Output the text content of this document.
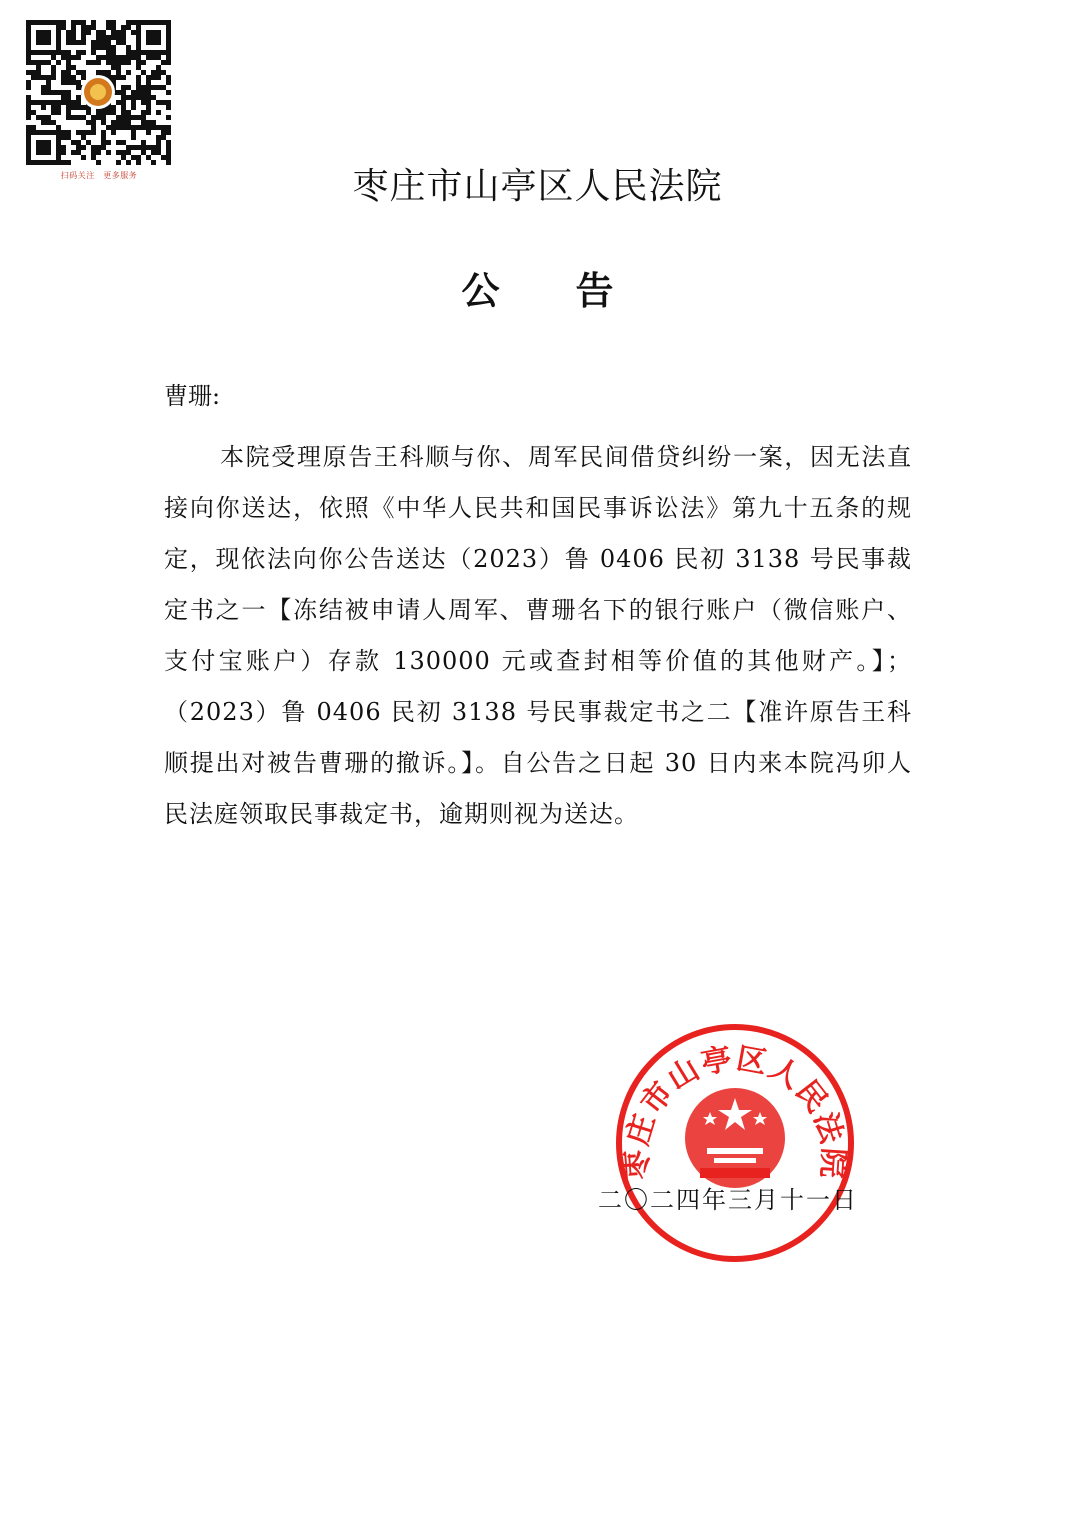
扫码关注　更多服务	枣庄市山亭区人民法院
公告
曹珊:

本院受理原告王科顺与你、周军民间借贷纠纷一案，因无法直接向你送达，依照《中华人民共和国民事诉讼法》第九十五条的规定，现依法向你公告送达（2023）鲁 0406 民初 3138 号民事裁定书之一【冻结被申请人周军、曹珊名下的银行账户（微信账户、支付宝账户）存款 130000 元或查封相等价值的其他财产。】；（2023）鲁 0406 民初 3138 号民事裁定书之二【准许原告王科顺提出对被告曹珊的撤诉。】。自公告之日起 30 日内来本院冯卯人民法庭领取民事裁定书，逾期则视为送达。

枣庄市山亭区人民法院
二〇二四年三月十一日
